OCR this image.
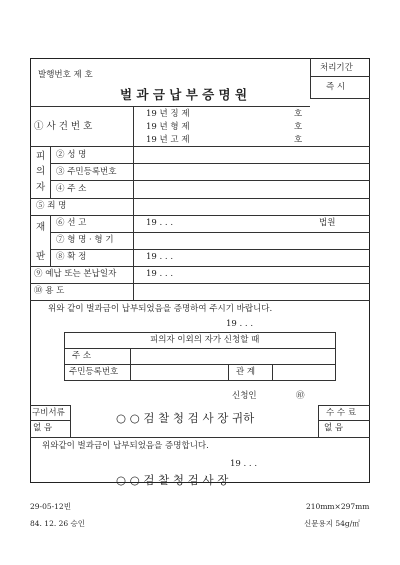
발행번호 제 호
처리기간
즉 시
벌 과 금 납 부 증 명 원
① 사 건 번 호
19 년 징 제	호
19 년 형 제	호
19 년 고 제	호
피
의
자
② 성 명
③ 주민등록번호
④ 주 소
⑤ 죄 명
재
판
⑥ 선 고	19 . . .	법원
⑦ 형 명 · 형 기
⑧ 확 정	19 . . .
⑨ 예납 또는 본납일자	19 . . .
⑩ 용 도
위와 같이 벌과금이 납부되었음을 증명하여 주시기 바랍니다.
19 . . .
피의자 이외의 자가 신청할 때
주 소
주민등록번호	관 계
신청인	㊞
구비서류
없 음
수 수 료
없 음
○ ○ 검 찰 청 검 사 장 귀하
위와같이 벌과금이 납부되었음을 증명합니다.
19 . . .
○ ○ 검 찰 청 검 사 장
29-05-12빈
84. 12. 26 승인
210mm×297mm
신문용지 54g/㎡
